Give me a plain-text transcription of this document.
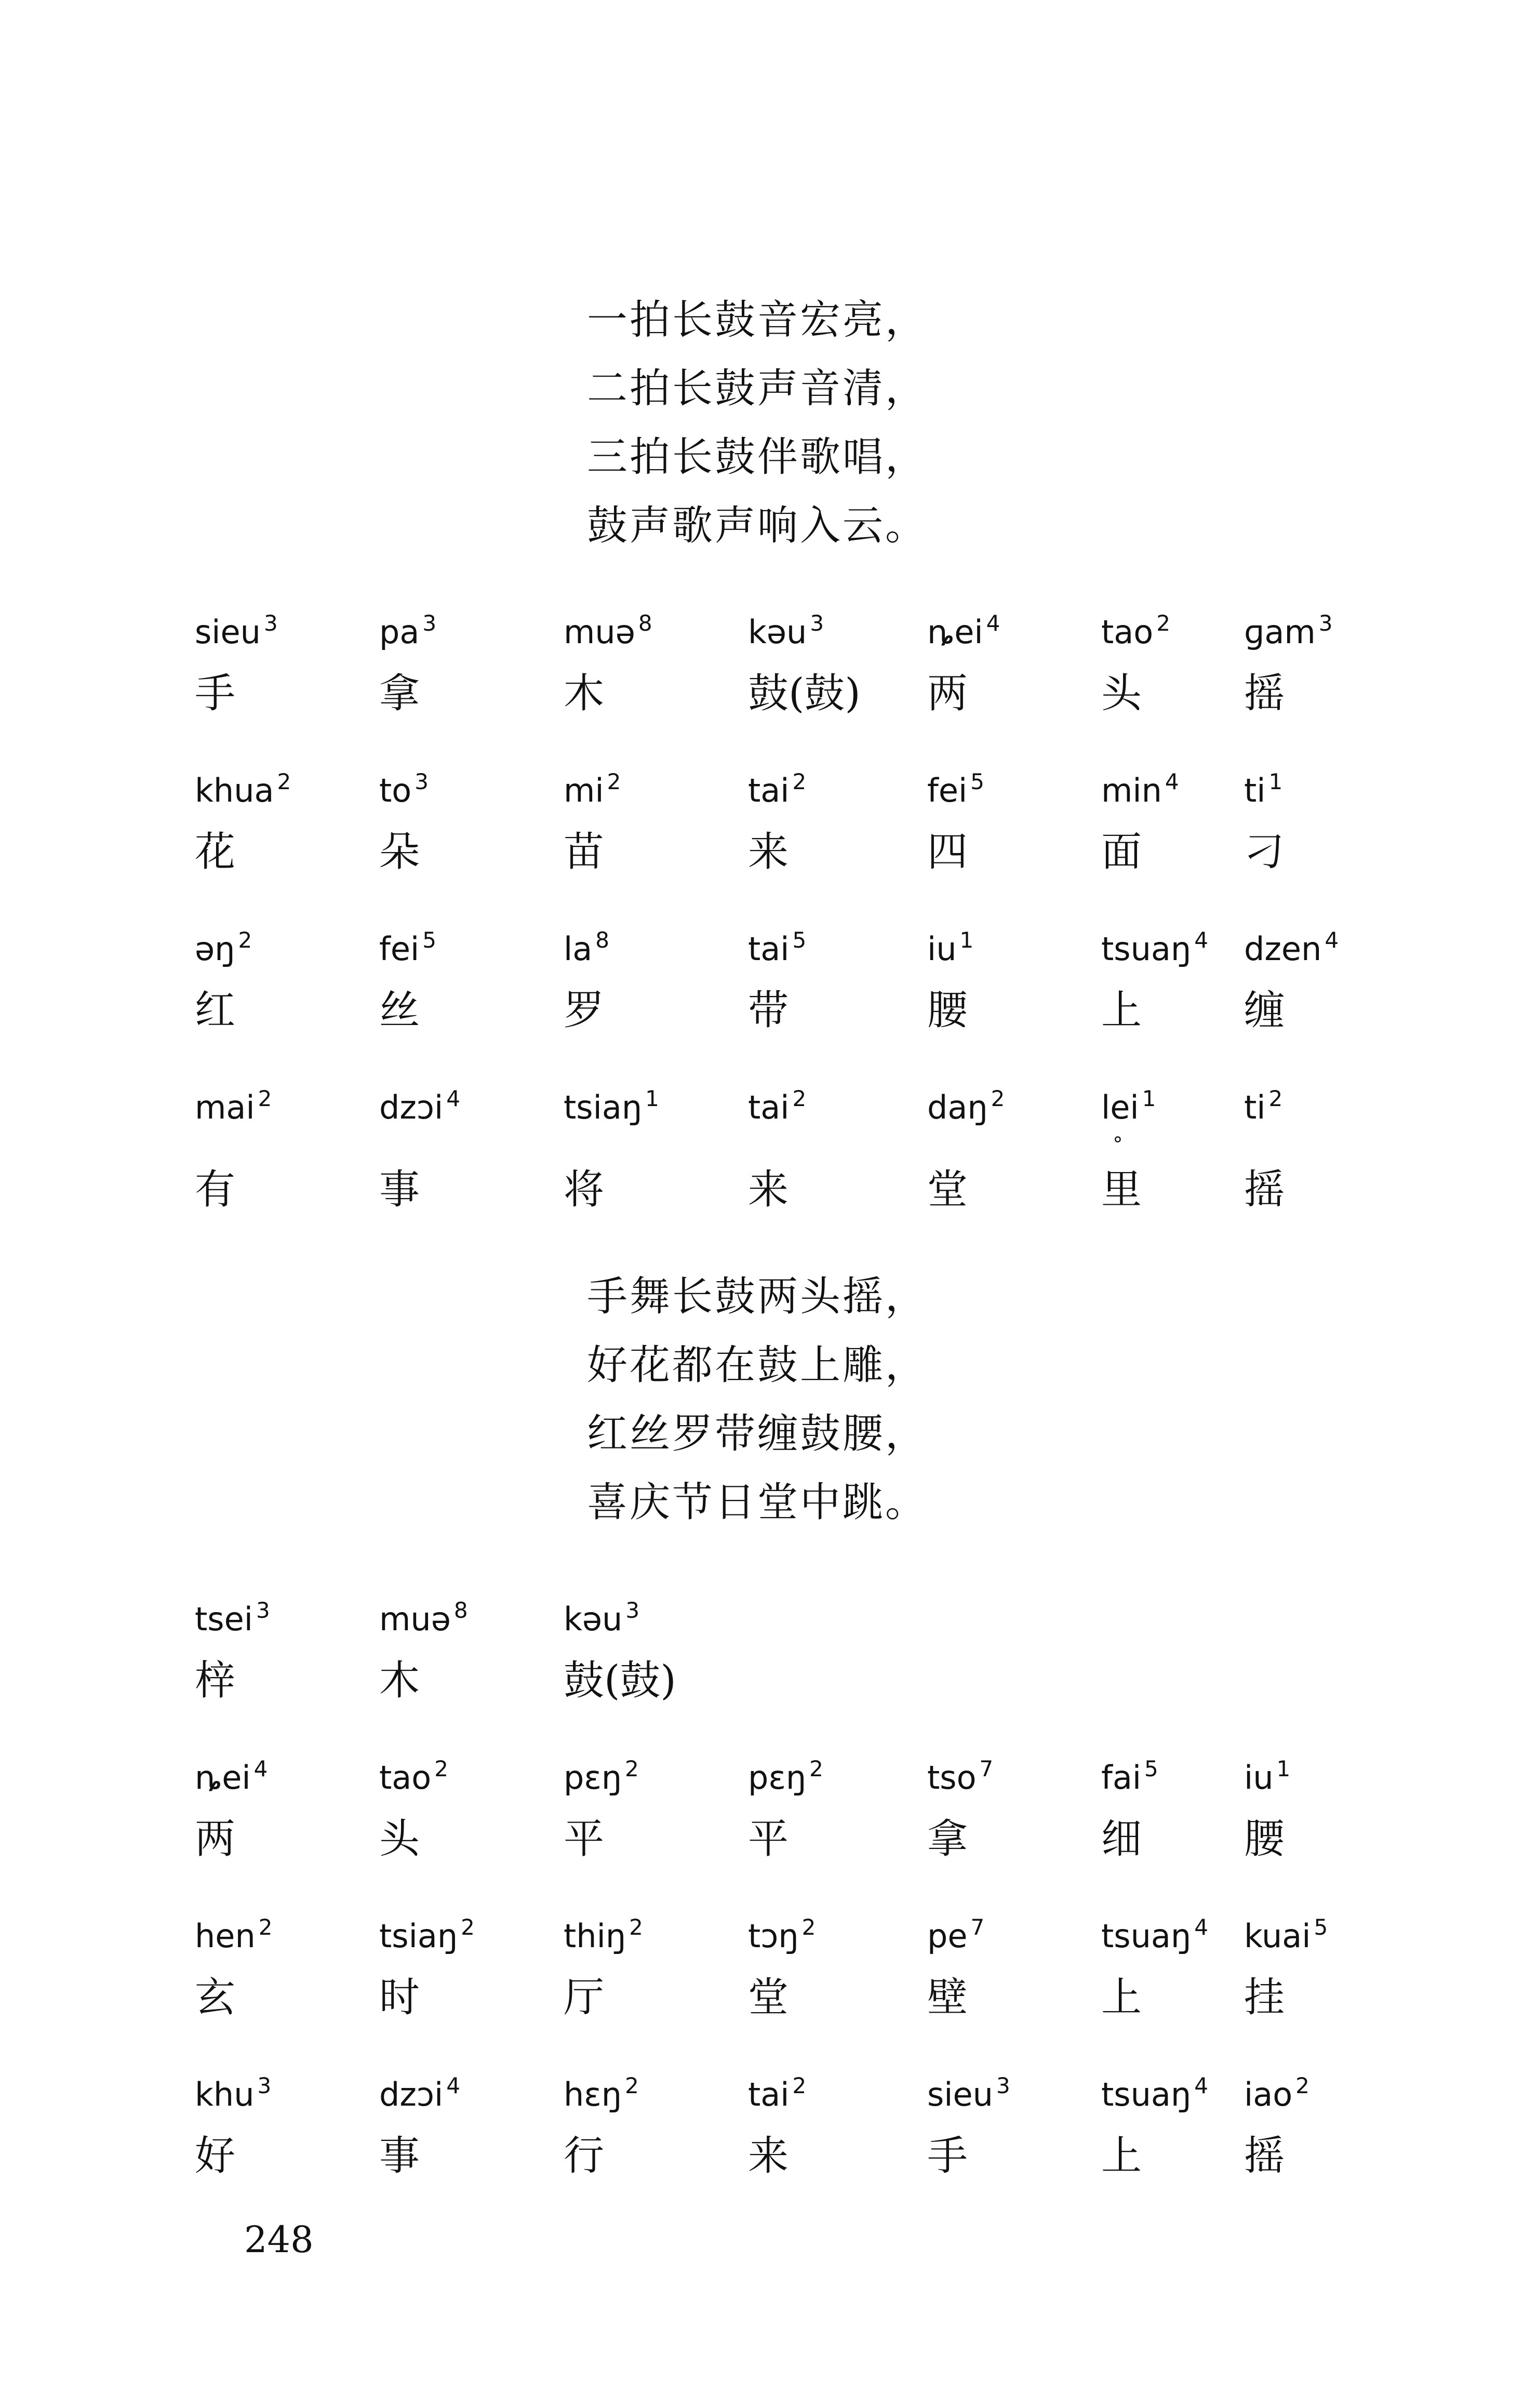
一拍长鼓音宏亮，
二拍长鼓声音清，
三拍长鼓伴歌唱，
鼓声歌声响入云。
sieu $^3$
手
pa $^3$
拿
muə $^8$
木
kəu $^3$
鼓(鼓)
ȵei $^4$
两
tao $^2$
头
ɡam $^3$
摇
khua $^2$
花
to $^3$
朵
mi $^2$
苗
tai $^2$
来
fei $^5$
四
min $^4$
面
ti $^1$
刁
əŋ $^2$
红
fei $^5$
丝
la $^8$
罗
tai $^5$
带
iu $^1$
腰
tsuaŋ $^4$
上
dzen $^4$
缠
mai $^2$
有
dzɔi $^4$
事
tsiaŋ $^1$
将
tai $^2$
来
daŋ $^2$
堂
lei $^1$
∘
里
ti $^2$
摇
手舞长鼓两头摇，
好花都在鼓上雕，
红丝罗带缠鼓腰，
喜庆节日堂中跳。
tsei $^3$
梓
muə $^8$
木
kəu $^3$
鼓(鼓)
ȵei $^4$
两
tao $^2$
头
pɛŋ $^2$
平
pɛŋ $^2$
平
tso $^7$
拿
fai $^5$
细
iu $^1$
腰
hen $^2$
玄
tsiaŋ $^2$
时
thiŋ $^2$
厅
tɔŋ $^2$
堂
pe $^7$
壁
tsuaŋ $^4$
上
kuai $^5$
挂
khu $^3$
好
dzɔi $^4$
事
hɛŋ $^2$
行
tai $^2$
来
sieu $^3$
手
tsuaŋ $^4$
上
iao $^2$
摇
248
